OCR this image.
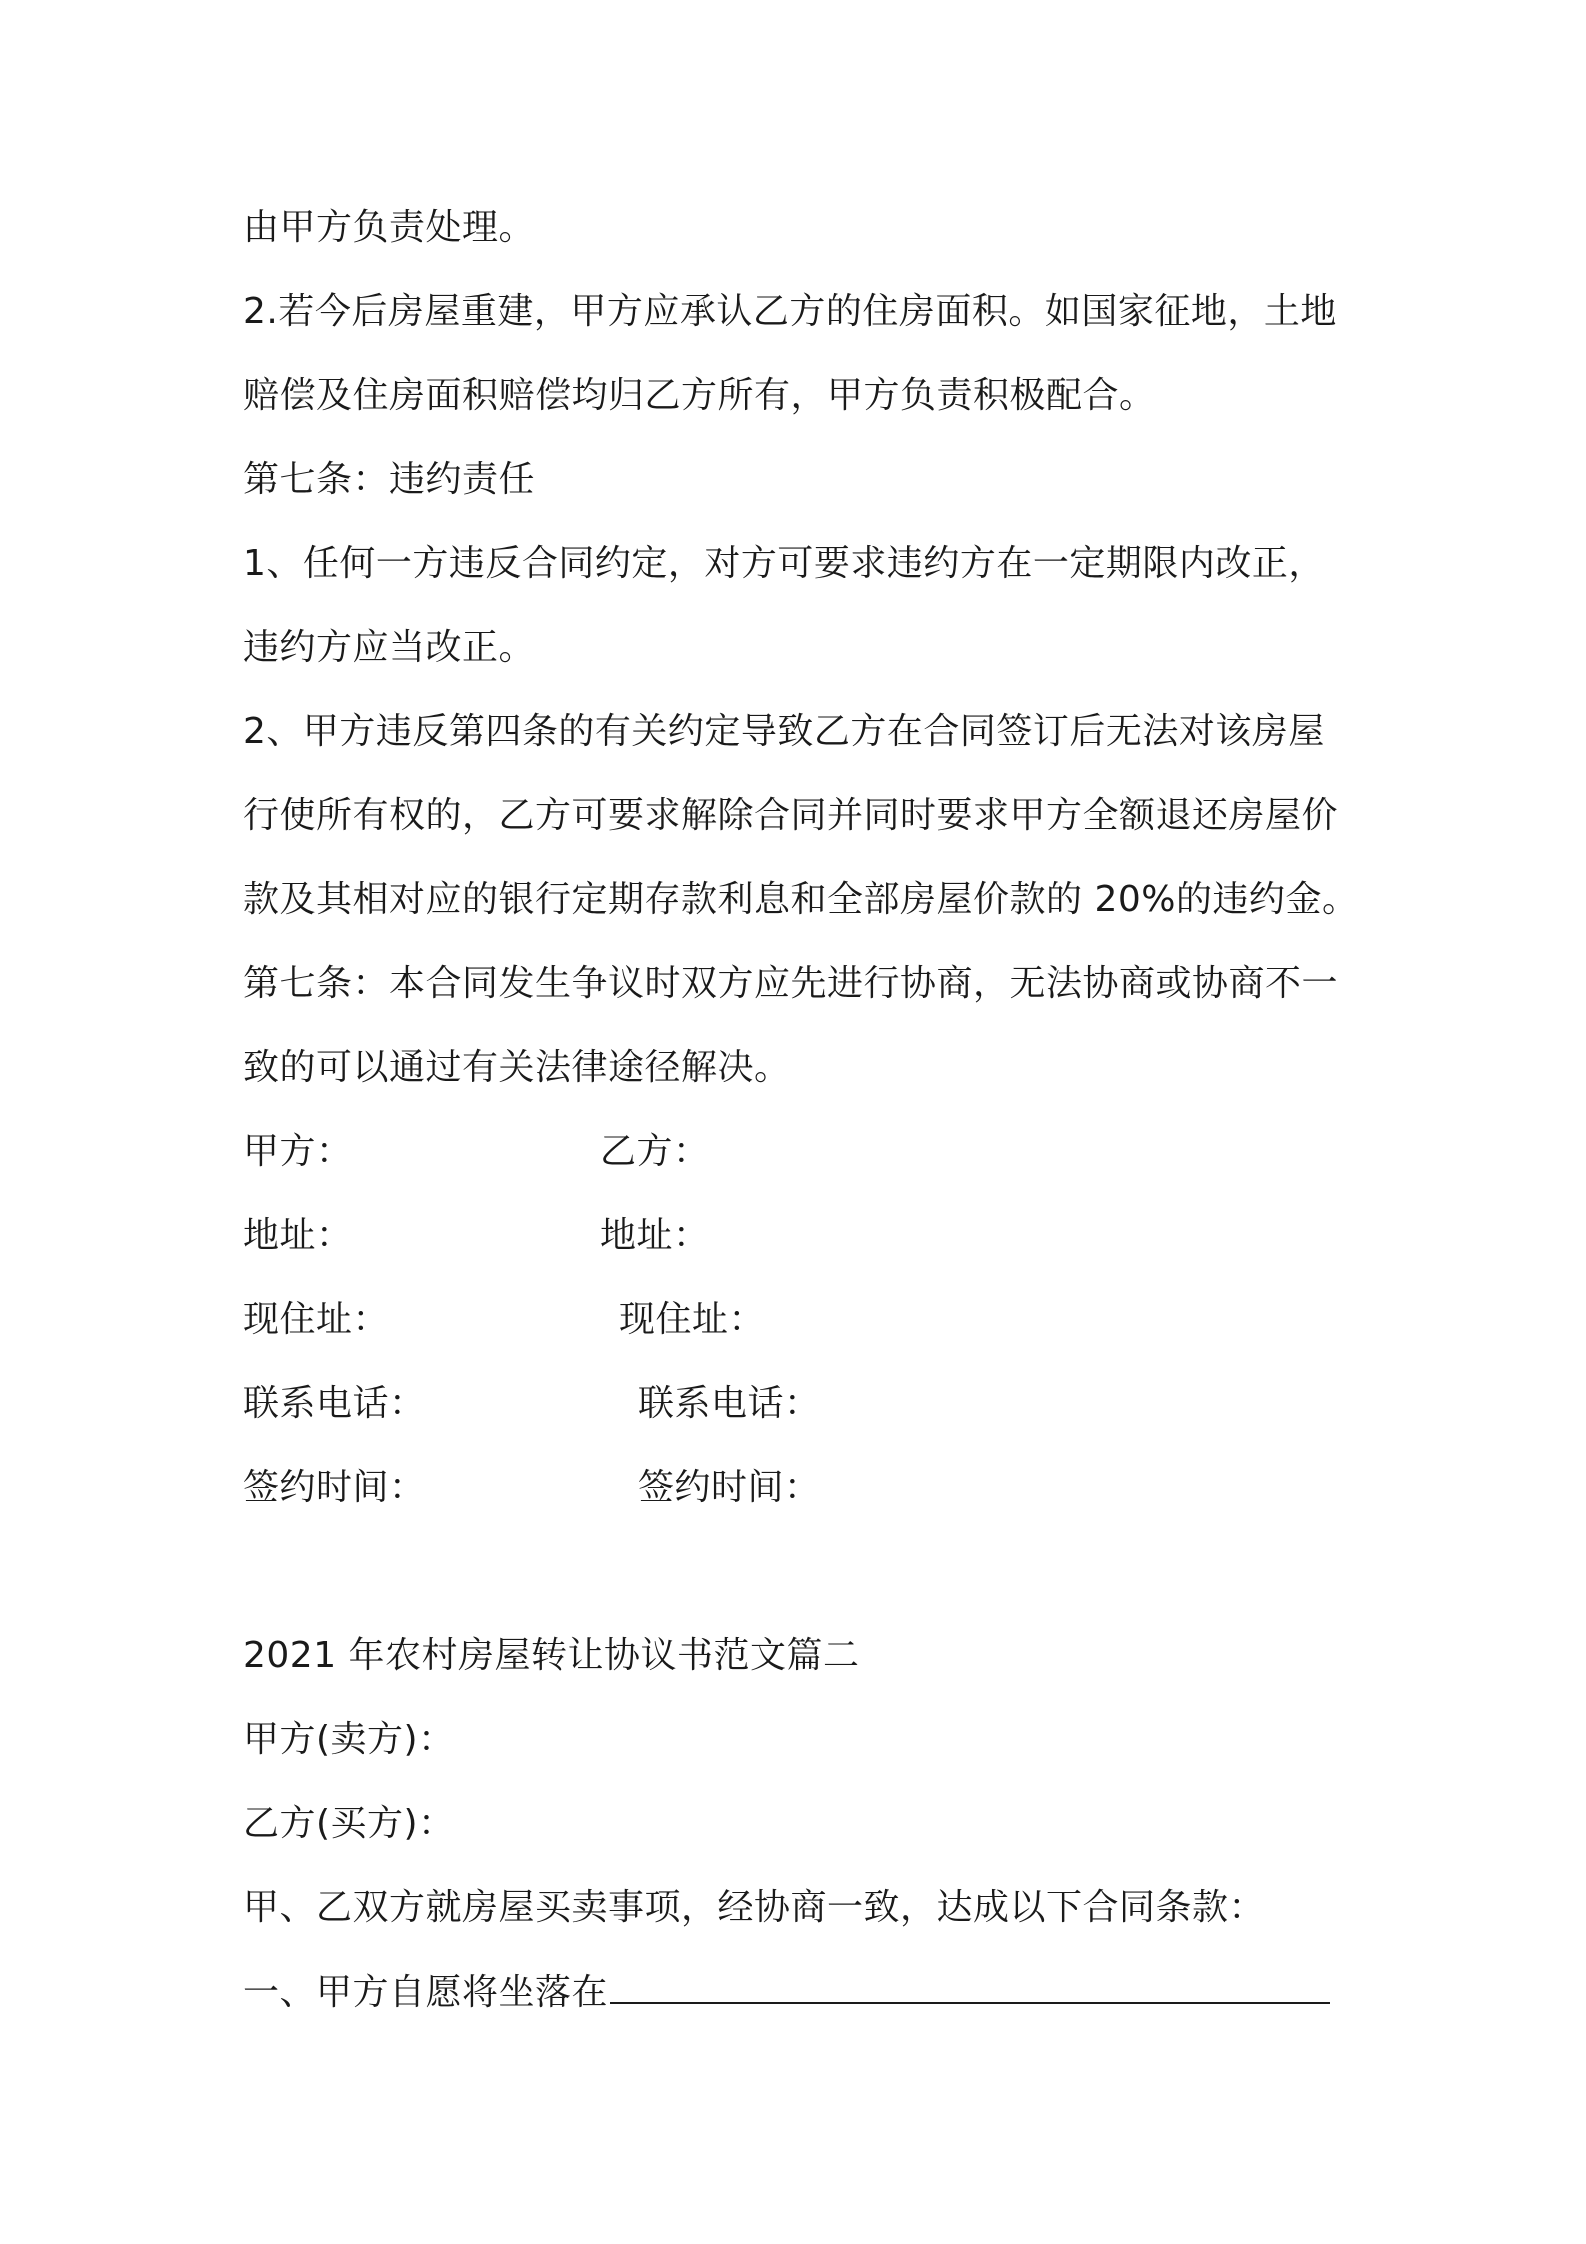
由甲方负责处理。
2.若今后房屋重建，甲方应承认乙方的住房面积。如国家征地，土地
赔偿及住房面积赔偿均归乙方所有，甲方负责积极配合。
第七条：违约责任
1、任何一方违反合同约定，对方可要求违约方在一定期限内改正，
违约方应当改正。
2、甲方违反第四条的有关约定导致乙方在合同签订后无法对该房屋
行使所有权的，乙方可要求解除合同并同时要求甲方全额退还房屋价
款及其相对应的银行定期存款利息和全部房屋价款的 20%的违约金。
第七条：本合同发生争议时双方应先进行协商，无法协商或协商不一
致的可以通过有关法律途径解决。
甲方：	乙方：
地址：	地址：
现住址：	现住址：
联系电话：	联系电话：
签约时间：	签约时间：
2021 年农村房屋转让协议书范文篇二
甲方(卖方)：
乙方(买方)：
甲、乙双方就房屋买卖事项，经协商一致，达成以下合同条款：
一、甲方自愿将坐落在
